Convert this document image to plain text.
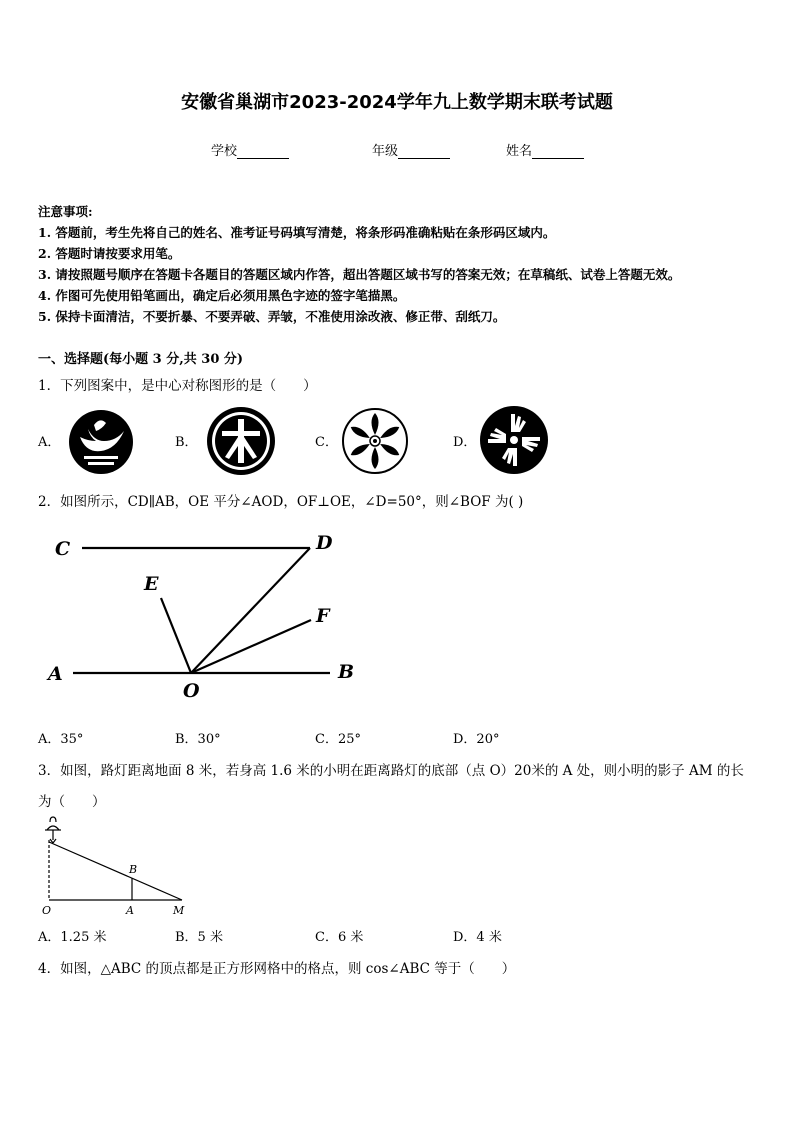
安徽省巢湖市2023-2024学年九上数学期末联考试题
学校	年级	姓名
注意事项:
1. 答题前，考生先将自己的姓名、准考证号码填写清楚，将条形码准确粘贴在条形码区域内。
2. 答题时请按要求用笔。
3. 请按照题号顺序在答题卡各题目的答题区域内作答，超出答题区域书写的答案无效；在草稿纸、试卷上答题无效。
4. 作图可先使用铅笔画出，确定后必须用黑色字迹的签字笔描黑。
5. 保持卡面清洁，不要折暴、不要弄破、弄皱，不准使用涂改液、修正带、刮纸刀。
一、选择题(每小题 3 分,共 30 分)
1．下列图案中，是中心对称图形的是（　　）
A．	B．	C．	D．
2．如图所示，CD∥AB，OE 平分∠AOD，OF⊥OE，∠D=50°，则∠BOF 为( )
C	D
E
F
A
O
B
A．35°	B．30°	C．25°	D．20°
3．如图，路灯距离地面 8 米，若身高 1.6 米的小明在距离路灯的底部（点 O）20米的 A 处，则小明的影子 AM 的长
为（　　）
O	A	M
B
A．1.25 米	B．5 米	C．6 米	D．4 米
4．如图，△ABC 的顶点都是正方形网格中的格点，则 cos∠ABC 等于（　　）
